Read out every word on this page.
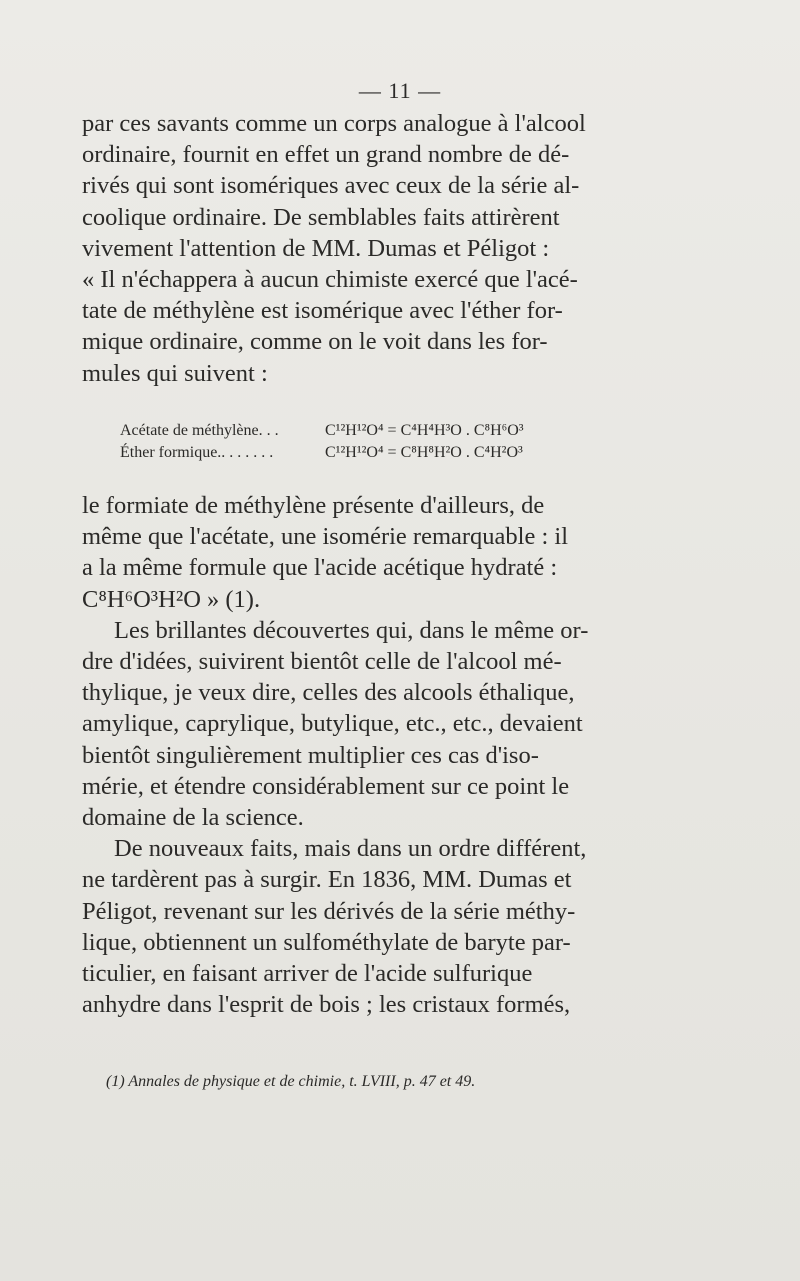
— 11 —
par ces savants comme un corps analogue à l'alcool
ordinaire, fournit en effet un grand nombre de dé-
rivés qui sont isomériques avec ceux de la série al-
coolique ordinaire. De semblables faits attirèrent
vivement l'attention de MM. Dumas et Péligot :
« Il n'échappera à aucun chimiste exercé que l'acé-
tate de méthylène est isomérique avec l'éther for-
mique ordinaire, comme on le voit dans les for-
mules qui suivent :
Acétate de méthylène. . .	C¹²H¹²O⁴ = C⁴H⁴H³O . C⁸H⁶O³
Éther formique.. . . . . . .	C¹²H¹²O⁴ = C⁸H⁸H²O . C⁴H²O³
le formiate de méthylène présente d'ailleurs, de
même que l'acétate, une isomérie remarquable : il
a la même formule que l'acide acétique hydraté :
C⁸H⁶O³H²O » (1).
Les brillantes découvertes qui, dans le même or-
dre d'idées, suivirent bientôt celle de l'alcool mé-
thylique, je veux dire, celles des alcools éthalique,
amylique, caprylique, butylique, etc., etc., devaient
bientôt singulièrement multiplier ces cas d'iso-
mérie, et étendre considérablement sur ce point le
domaine de la science.
De nouveaux faits, mais dans un ordre différent,
ne tardèrent pas à surgir. En 1836, MM. Dumas et
Péligot, revenant sur les dérivés de la série méthy-
lique, obtiennent un sulfométhylate de baryte par-
ticulier, en faisant arriver de l'acide sulfurique
anhydre dans l'esprit de bois ; les cristaux formés,
(1) Annales de physique et de chimie, t. LVIII, p. 47 et 49.
